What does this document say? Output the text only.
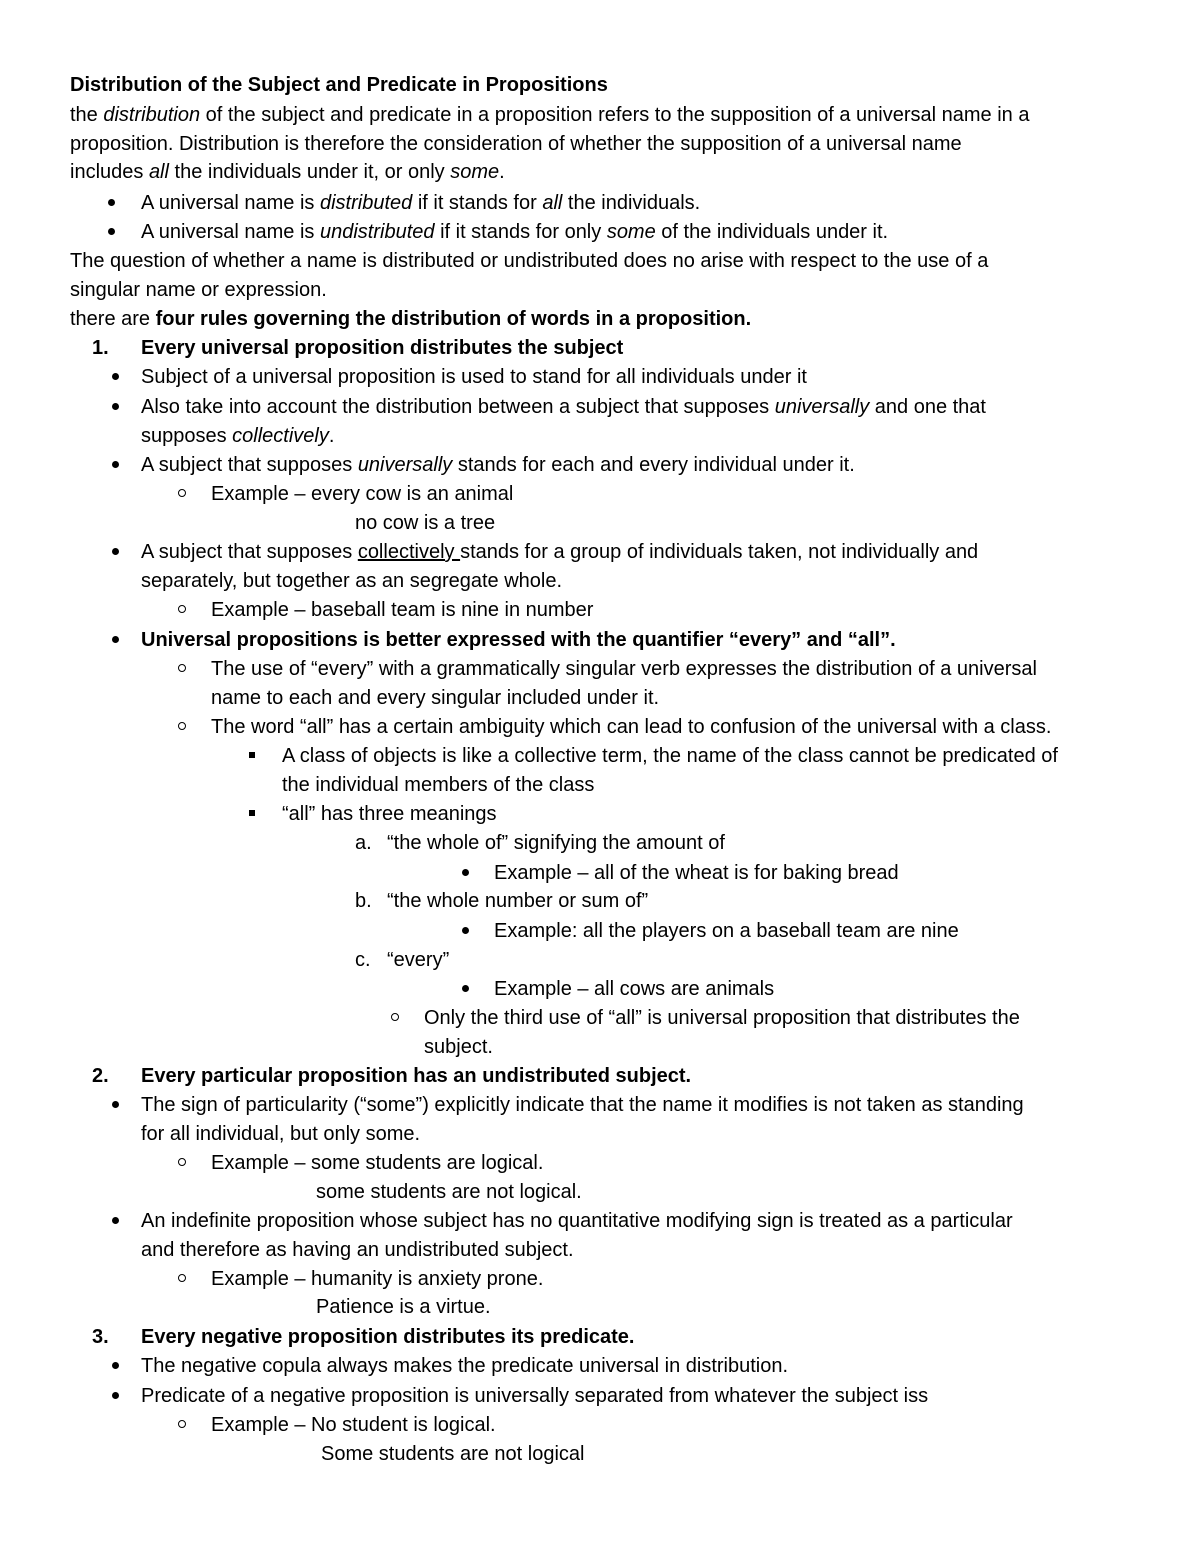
Distribution of the Subject and Predicate in Propositions
the distribution of the subject and predicate in a proposition refers to the supposition of a universal name in a
proposition. Distribution is therefore the consideration of whether the supposition of a universal name
includes all the individuals under it, or only some.
A universal name is distributed if it stands for all the individuals.
A universal name is undistributed if it stands for only some of the individuals under it.
The question of whether a name is distributed or undistributed does no arise with respect to the use of a
singular name or expression.
there are four rules governing the distribution of words in a proposition.
1. Every universal proposition distributes the subject
Subject of a universal proposition is used to stand for all individuals under it
Also take into account the distribution between a subject that supposes universally and one that
supposes collectively.
A subject that supposes universally stands for each and every individual under it.
Example – every cow is an animal
no cow is a tree
A subject that supposes collectively stands for a group of individuals taken, not individually and
separately, but together as an segregate whole.
Example – baseball team is nine in number
Universal propositions is better expressed with the quantifier “every” and “all”.
The use of “every” with a grammatically singular verb expresses the distribution of a universal
name to each and every singular included under it.
The word “all” has a certain ambiguity which can lead to confusion of the universal with a class.
A class of objects is like a collective term, the name of the class cannot be predicated of
the individual members of the class
“all” has three meanings
a. “the whole of” signifying the amount of
Example – all of the wheat is for baking bread
b. “the whole number or sum of”
Example: all the players on a baseball team are nine
c. “every”
Example – all cows are animals
Only the third use of “all” is universal proposition that distributes the
subject.
2. Every particular proposition has an undistributed subject.
The sign of particularity (“some”) explicitly indicate that the name it modifies is not taken as standing
for all individual, but only some.
Example – some students are logical.
some students are not logical.
An indefinite proposition whose subject has no quantitative modifying sign is treated as a particular
and therefore as having an undistributed subject.
Example – humanity is anxiety prone.
Patience is a virtue.
3. Every negative proposition distributes its predicate.
The negative copula always makes the predicate universal in distribution.
Predicate of a negative proposition is universally separated from whatever the subject iss
Example – No student is logical.
Some students are not logical
